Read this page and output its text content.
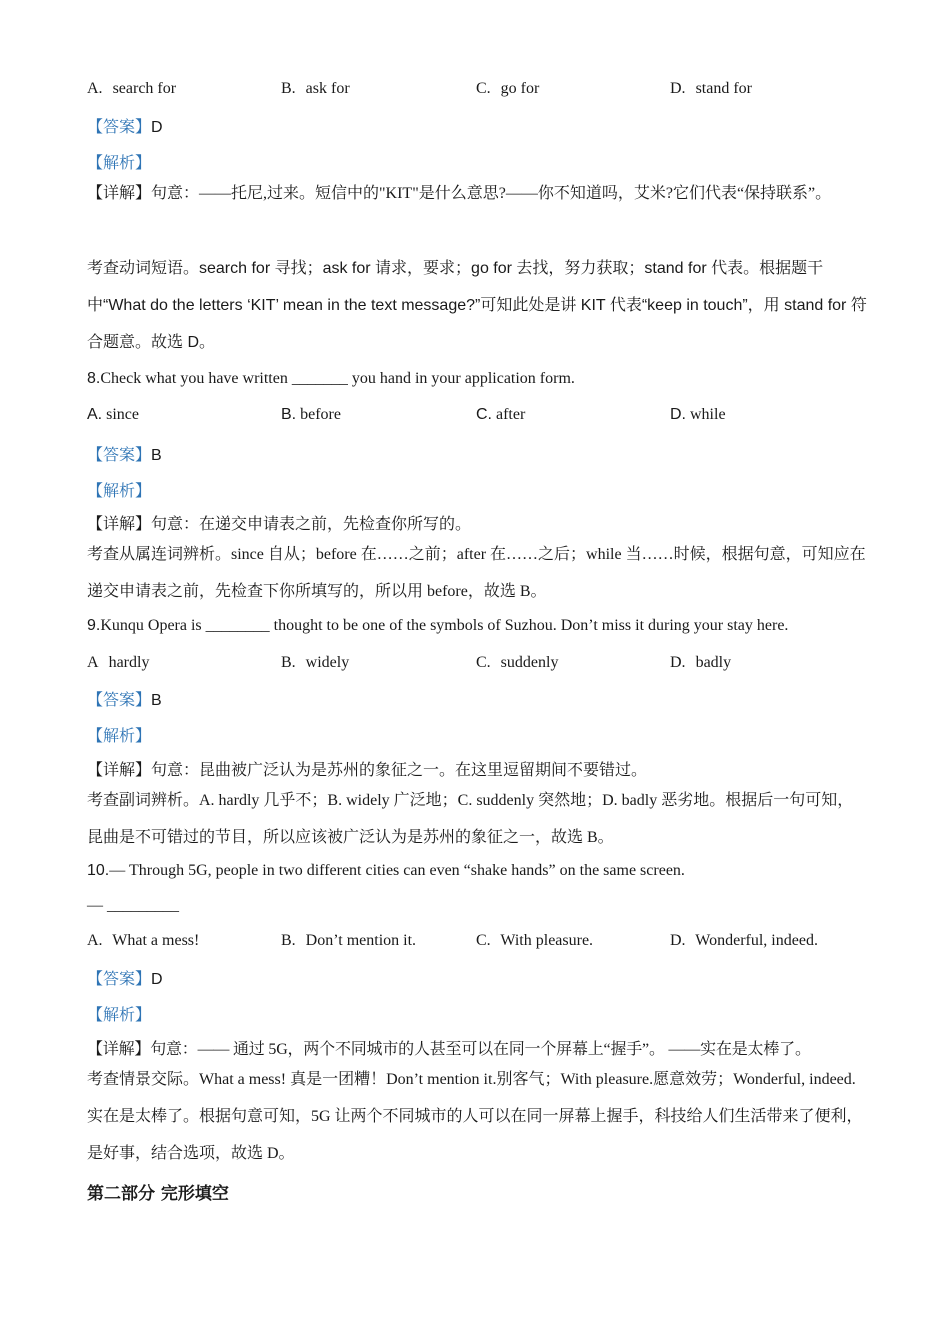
A. search for	B. ask for	C. go for	D. stand for
【答案】D
【解析】
【详解】句意：——托尼,过来。短信中的"KIT"是什么意思?——你不知道吗，艾米?它们代表“保持联系”。
考查动词短语。search for 寻找；ask for 请求，要求；go for 去找，努力获取；stand for 代表。根据题干中“What do the letters ‘KIT’ mean in the text message?”可知此处是讲 KIT 代表“keep in touch”，用 stand for 符合题意。故选 D。
8.Check what you have written _______ you hand in your application form.
A. since	B. before	C. after	D. while
【答案】B
【解析】
【详解】句意：在递交申请表之前，先检查你所写的。
考查从属连词辨析。since 自从；before 在……之前；after 在……之后；while 当……时候，根据句意，可知应在递交申请表之前，先检查下你所填写的，所以用 before，故选 B。
9.Kunqu Opera is ________ thought to be one of the symbols of Suzhou. Don’t miss it during your stay here.
A hardly	B. widely	C. suddenly	D. badly
【答案】B
【解析】
【详解】句意：昆曲被广泛认为是苏州的象征之一。在这里逗留期间不要错过。
考查副词辨析。A. hardly 几乎不；B. widely 广泛地；C. suddenly 突然地；D. badly 恶劣地。根据后一句可知，昆曲是不可错过的节目，所以应该被广泛认为是苏州的象征之一，故选 B。
10.— Through 5G, people in two different cities can even “shake hands” on the same screen.
— _________
A. What a mess!	B. Don’t mention it.	C. With pleasure.	D. Wonderful, indeed.
【答案】D
【解析】
【详解】句意：—— 通过 5G，两个不同城市的人甚至可以在同一个屏幕上“握手”。 ——实在是太棒了。
考查情景交际。What a mess! 真是一团糟！Don’t mention it.别客气；With pleasure.愿意效劳；Wonderful, indeed.实在是太棒了。根据句意可知，5G 让两个不同城市的人可以在同一屏幕上握手，科技给人们生活带来了便利，是好事，结合选项，故选 D。
第二部分 完形填空
